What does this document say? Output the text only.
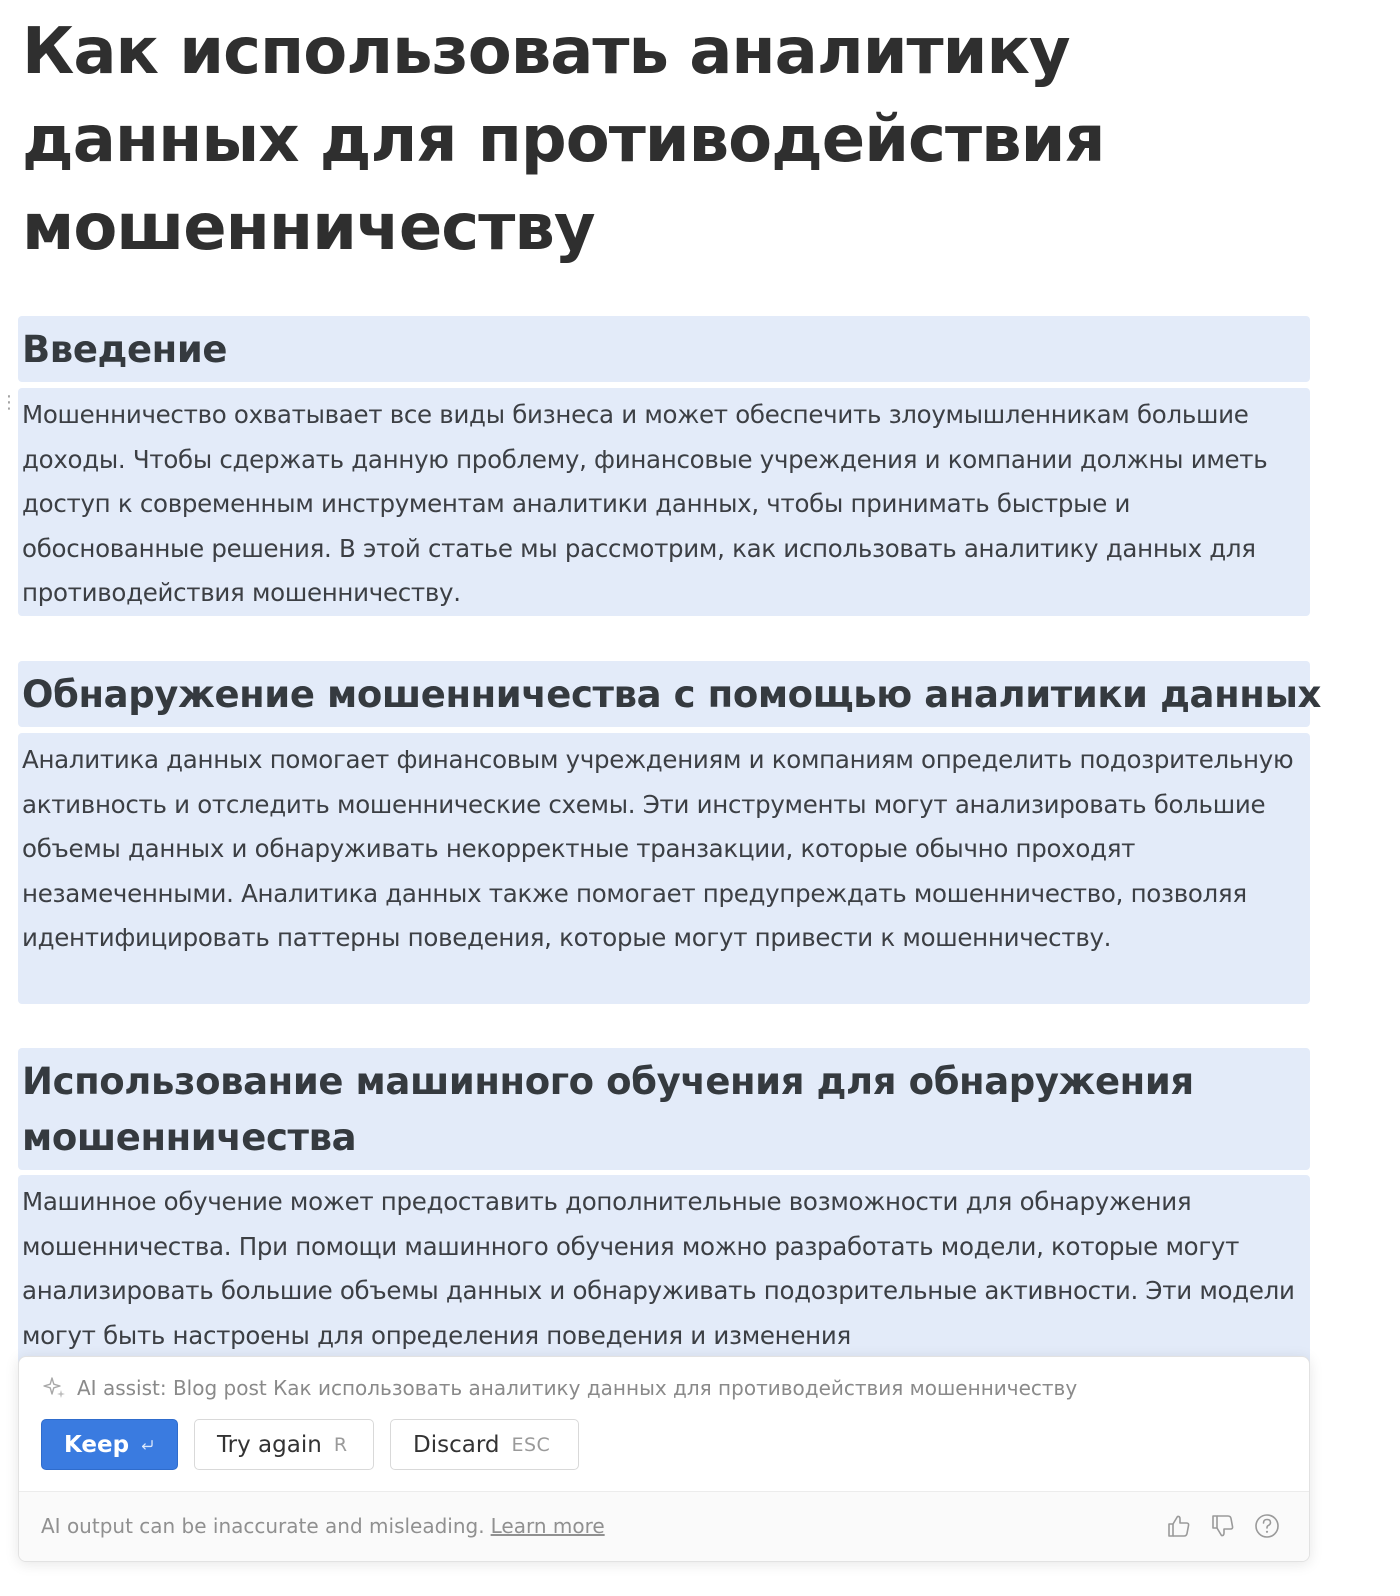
Как использовать аналитику данных для противодействия мошенничеству
Введение
⋮ Мошенничество охватывает все виды бизнеса и может обеспечить злоумышленникам большие доходы. Чтобы сдержать данную проблему, финансовые учреждения и компании должны иметь доступ к современным инструментам аналитики данных, чтобы принимать быстрые и обоснованные решения. В этой статье мы рассмотрим, как использовать аналитику данных для противодействия мошенничеству.

Обнаружение мошенничества с помощью аналитики данных

Аналитика данных помогает финансовым учреждениям и компаниям определить подозрительную активность и отследить мошеннические схемы. Эти инструменты могут анализировать большие объемы данных и обнаруживать некорректные транзакции, которые обычно проходят незамеченными. Аналитика данных также помогает предупреждать мошенничество, позволяя идентифицировать паттерны поведения, которые могут привести к мошенничеству.

Использование машинного обучения для обнаружения мошенничества

Машинное обучение может предоставить дополнительные возможности для обнаружения мошенничества. При помощи машинного обучения можно разработать модели, которые могут анализировать большие объемы данных и обнаруживать подозрительные активности. Эти модели могут быть настроены для определения поведения и изменения

AI assist: Blog post Как использовать аналитику данных для противодействия мошенничеству
Keep	Try again R	Discard ESC
AI output can be inaccurate and misleading. Learn more
